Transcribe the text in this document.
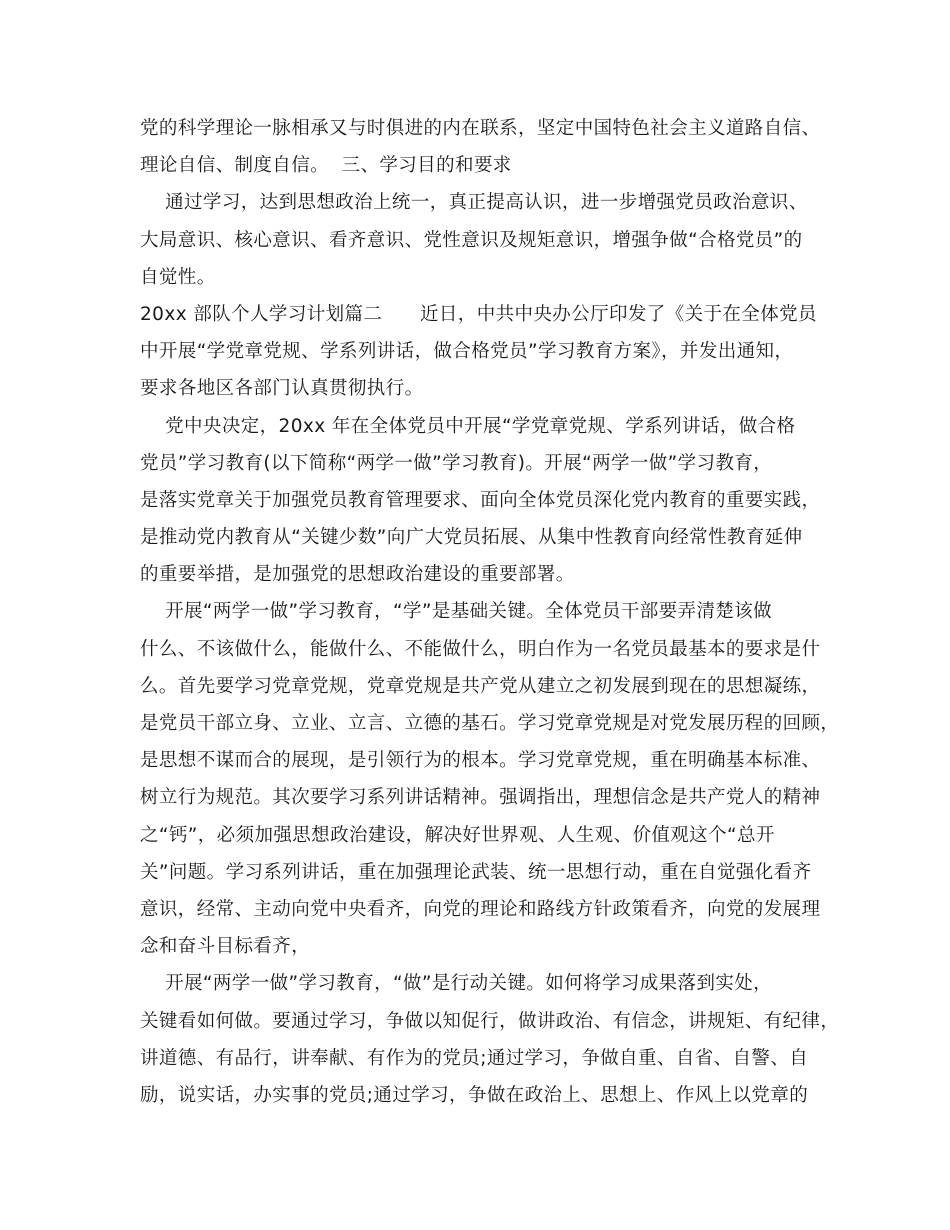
党的科学理论一脉相承又与时俱进的内在联系，坚定中国特色社会主义道路自信、
理论自信、制度自信。  三、学习目的和要求
通过学习，达到思想政治上统一，真正提高认识，进一步增强党员政治意识、
大局意识、核心意识、看齐意识、党性意识及规矩意识，增强争做“合格党员”的
自觉性。
20xx 部队个人学习计划篇二      近日，中共中央办公厅印发了《关于在全体党员
中开展“学党章党规、学系列讲话，做合格党员”学习教育方案》，并发出通知，
要求各地区各部门认真贯彻执行。
党中央决定，20xx 年在全体党员中开展“学党章党规、学系列讲话，做合格
党员”学习教育(以下简称“两学一做”学习教育)。开展“两学一做”学习教育，
是落实党章关于加强党员教育管理要求、面向全体党员深化党内教育的重要实践，
是推动党内教育从“关键少数”向广大党员拓展、从集中性教育向经常性教育延伸
的重要举措，是加强党的思想政治建设的重要部署。
开展“两学一做”学习教育，“学”是基础关键。全体党员干部要弄清楚该做
什么、不该做什么，能做什么、不能做什么，明白作为一名党员最基本的要求是什
么。首先要学习党章党规，党章党规是共产党从建立之初发展到现在的思想凝练，
是党员干部立身、立业、立言、立德的基石。学习党章党规是对党发展历程的回顾，
是思想不谋而合的展现，是引领行为的根本。学习党章党规，重在明确基本标准、
树立行为规范。其次要学习系列讲话精神。强调指出，理想信念是共产党人的精神
之“钙”，必须加强思想政治建设，解决好世界观、人生观、价值观这个“总开
关”问题。学习系列讲话，重在加强理论武装、统一思想行动，重在自觉强化看齐
意识，经常、主动向党中央看齐，向党的理论和路线方针政策看齐，向党的发展理
念和奋斗目标看齐，
开展“两学一做”学习教育，“做”是行动关键。如何将学习成果落到实处，
关键看如何做。要通过学习，争做以知促行，做讲政治、有信念，讲规矩、有纪律，
讲道德、有品行，讲奉献、有作为的党员;通过学习，争做自重、自省、自警、自
励，说实话，办实事的党员;通过学习，争做在政治上、思想上、作风上以党章的
